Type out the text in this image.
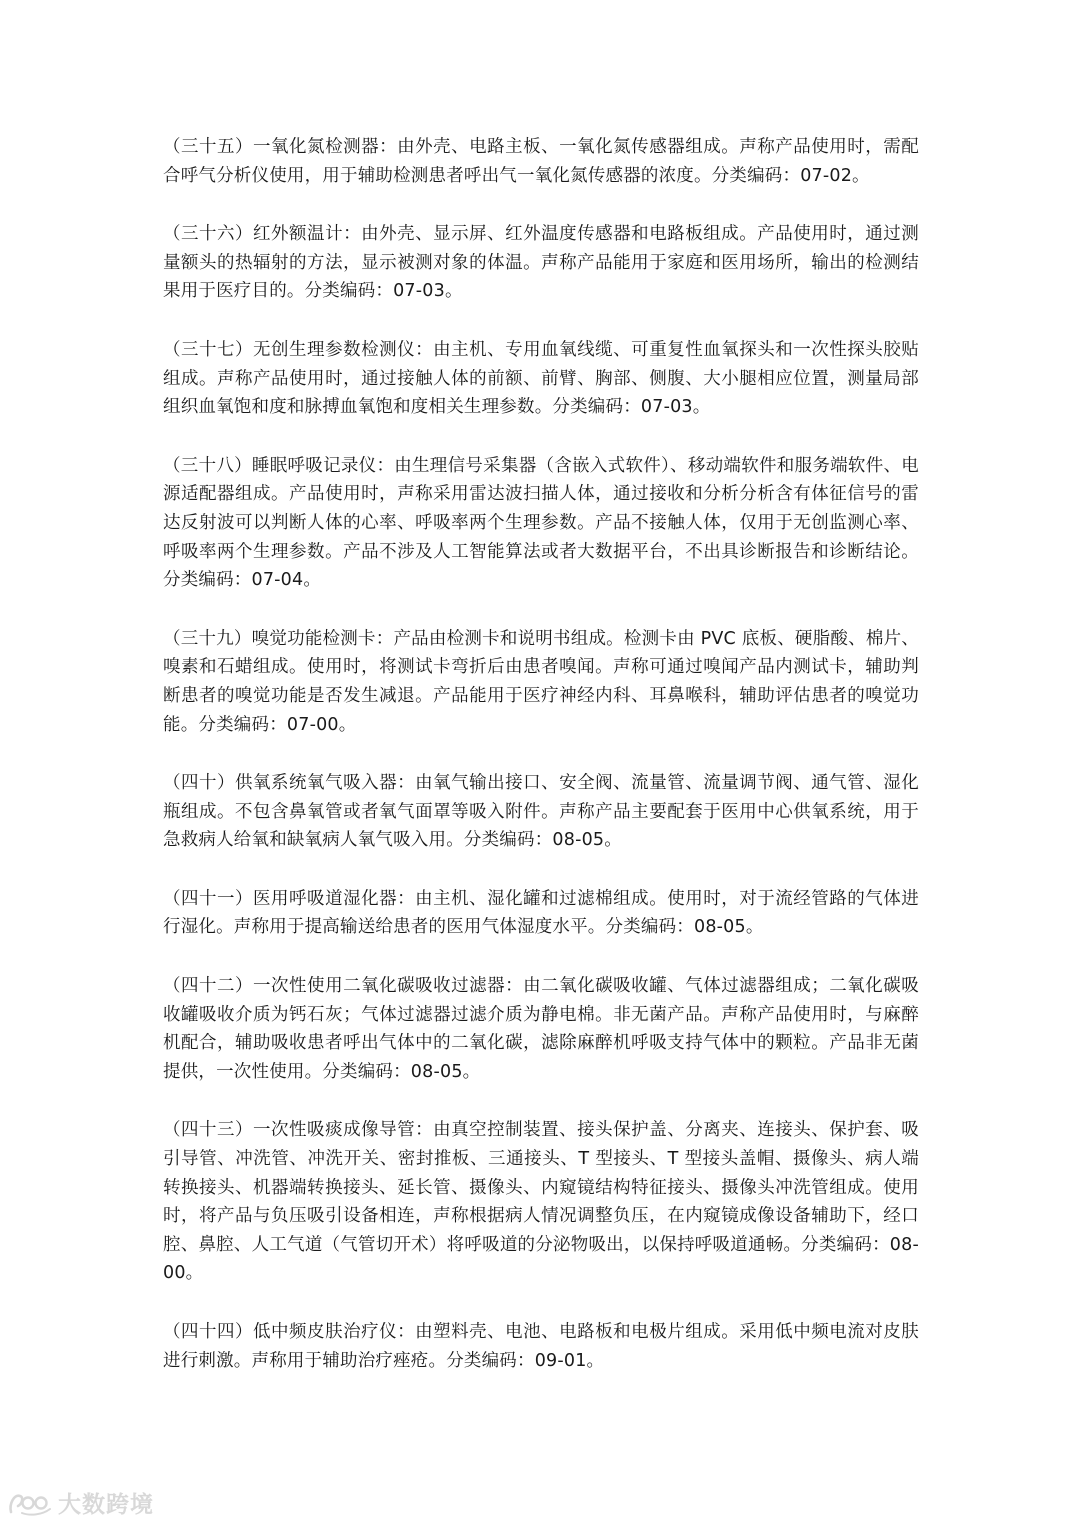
（三十五）一氧化氮检测器：由外壳、电路主板、一氧化氮传感器组成。声称产品使用时，需配合呼气分析仪使用，用于辅助检测患者呼出气一氧化氮传感器的浓度。分类编码：07-02。

（三十六）红外额温计：由外壳、显示屏、红外温度传感器和电路板组成。产品使用时，通过测量额头的热辐射的方法，显示被测对象的体温。声称产品能用于家庭和医用场所，输出的检测结果用于医疗目的。分类编码：07-03。

（三十七）无创生理参数检测仪：由主机、专用血氧线缆、可重复性血氧探头和一次性探头胶贴组成。声称产品使用时，通过接触人体的前额、前臂、胸部、侧腹、大小腿相应位置，测量局部组织血氧饱和度和脉搏血氧饱和度相关生理参数。分类编码：07-03。

（三十八）睡眠呼吸记录仪：由生理信号采集器（含嵌入式软件）、移动端软件和服务端软件、电源适配器组成。产品使用时，声称采用雷达波扫描人体，通过接收和分析分析含有体征信号的雷达反射波可以判断人体的心率、呼吸率两个生理参数。产品不接触人体，仅用于无创监测心率、呼吸率两个生理参数。产品不涉及人工智能算法或者大数据平台，不出具诊断报告和诊断结论。分类编码：07-04。

（三十九）嗅觉功能检测卡：产品由检测卡和说明书组成。检测卡由 PVC 底板、硬脂酸、棉片、嗅素和石蜡组成。使用时，将测试卡弯折后由患者嗅闻。声称可通过嗅闻产品内测试卡，辅助判断患者的嗅觉功能是否发生减退。产品能用于医疗神经内科、耳鼻喉科，辅助评估患者的嗅觉功能。分类编码：07-00。

（四十）供氧系统氧气吸入器：由氧气输出接口、安全阀、流量管、流量调节阀、通气管、湿化瓶组成。不包含鼻氧管或者氧气面罩等吸入附件。声称产品主要配套于医用中心供氧系统，用于急救病人给氧和缺氧病人氧气吸入用。分类编码：08-05。

（四十一）医用呼吸道湿化器：由主机、湿化罐和过滤棉组成。使用时，对于流经管路的气体进行湿化。声称用于提高输送给患者的医用气体湿度水平。分类编码：08-05。

（四十二）一次性使用二氧化碳吸收过滤器：由二氧化碳吸收罐、气体过滤器组成；二氧化碳吸收罐吸收介质为钙石灰；气体过滤器过滤介质为静电棉。非无菌产品。声称产品使用时，与麻醉机配合，辅助吸收患者呼出气体中的二氧化碳，滤除麻醉机呼吸支持气体中的颗粒。产品非无菌提供，一次性使用。分类编码：08-05。

（四十三）一次性吸痰成像导管：由真空控制装置、接头保护盖、分离夹、连接头、保护套、吸引导管、冲洗管、冲洗开关、密封推板、三通接头、T 型接头、T 型接头盖帽、摄像头、病人端转换接头、机器端转换接头、延长管、摄像头、内窥镜结构特征接头、摄像头冲洗管组成。使用时，将产品与负压吸引设备相连，声称根据病人情况调整负压，在内窥镜成像设备辅助下，经口腔、鼻腔、人工气道（气管切开术）将呼吸道的分泌物吸出，以保持呼吸道通畅。分类编码：08-00。

（四十四）低中频皮肤治疗仪：由塑料壳、电池、电路板和电极片组成。采用低中频电流对皮肤进行刺激。声称用于辅助治疗痤疮。分类编码：09-01。

大数跨境
